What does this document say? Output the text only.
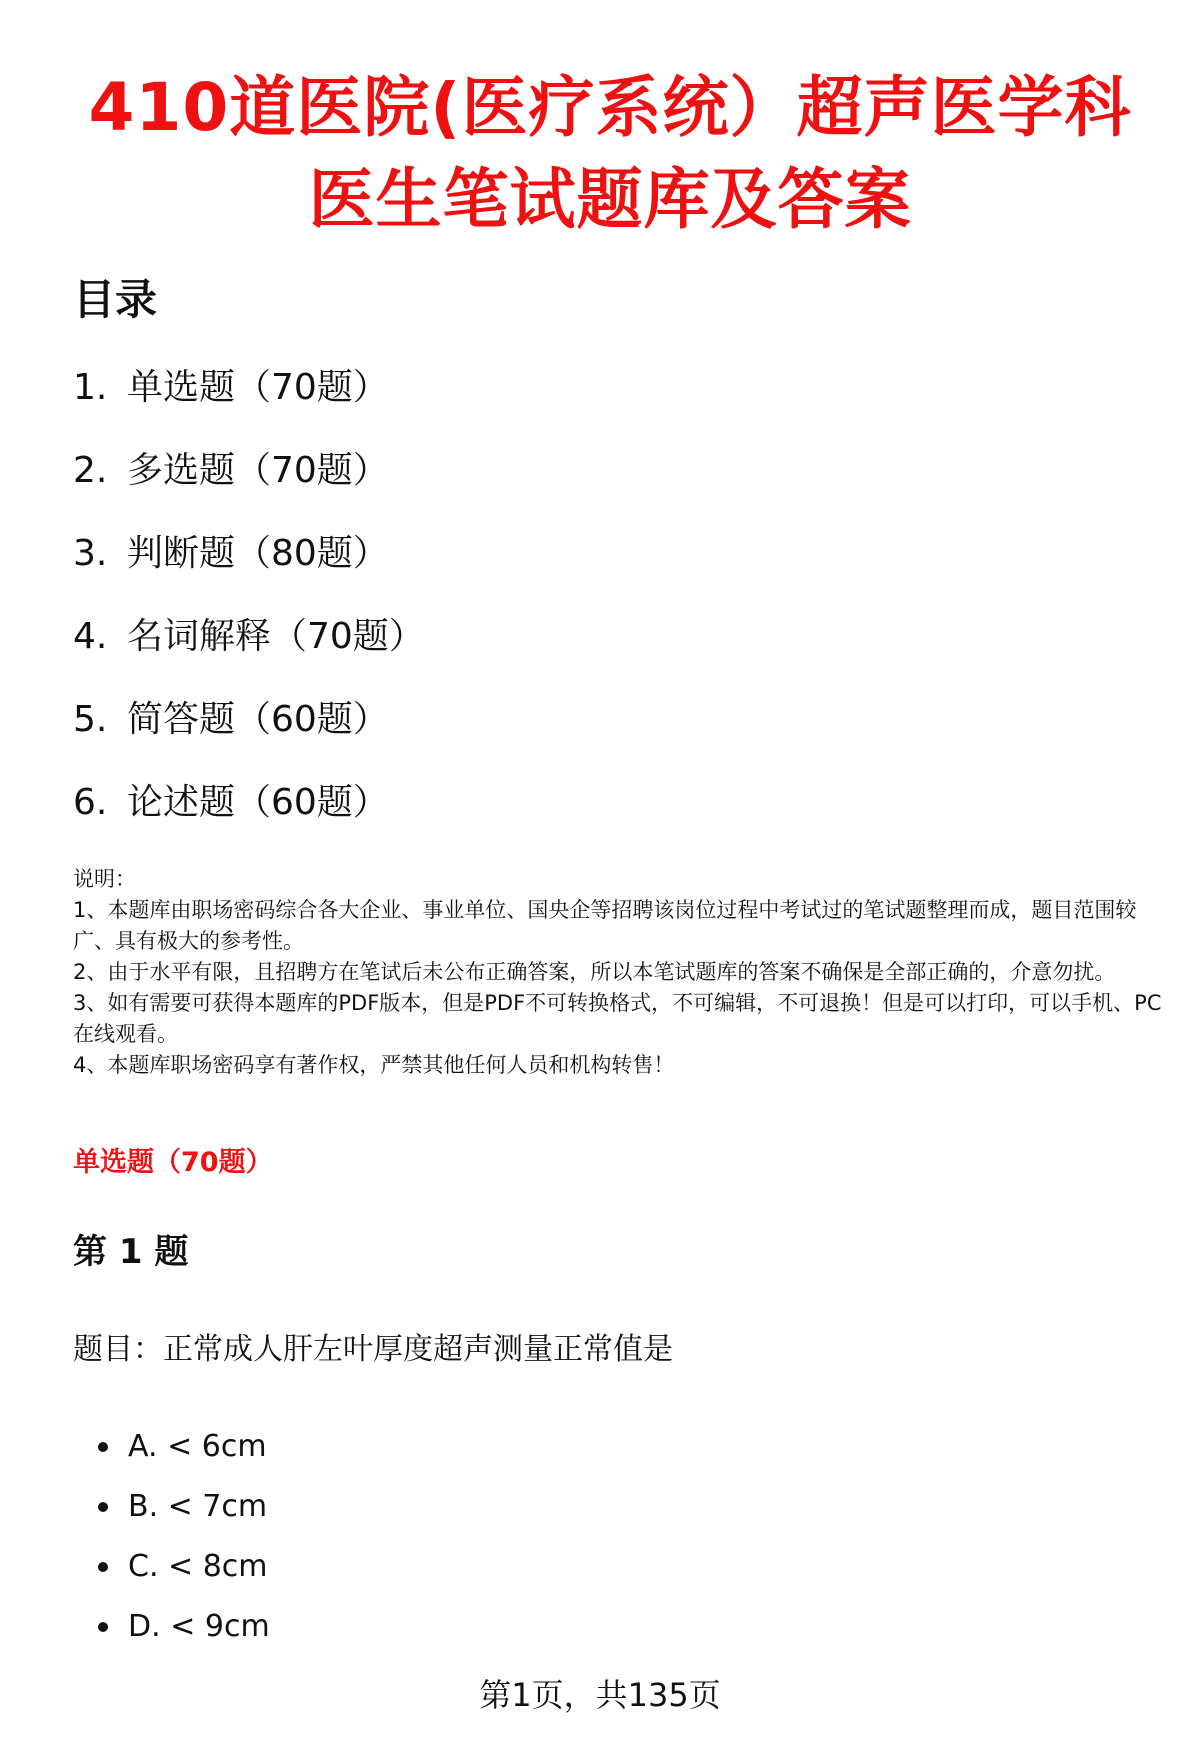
410道医院(医疗系统）超声医学科
医生笔试题库及答案
目录
1. 单选题（70题）
2. 多选题（70题）
3. 判断题（80题）
4. 名词解释（70题）
5. 简答题（60题）
6. 论述题（60题）

说明：

1、本题库由职场密码综合各大企业、事业单位、国央企等招聘该岗位过程中考试过的笔试题整理而成，题目范围较广、具有极大的参考性。

2、由于水平有限，且招聘方在笔试后未公布正确答案，所以本笔试题库的答案不确保是全部正确的，介意勿扰。

3、如有需要可获得本题库的PDF版本，但是PDF不可转换格式，不可编辑，不可退换！但是可以打印，可以手机、PC在线观看。

4、本题库职场密码享有著作权，严禁其他任何人员和机构转售！

单选题（70题）
第 1 题
题目：正常成人肝左叶厚度超声测量正常值是
A.
< 6cm
B.
< 7cm
C.
< 8cm
D.
< 9cm
第1页，共135页
